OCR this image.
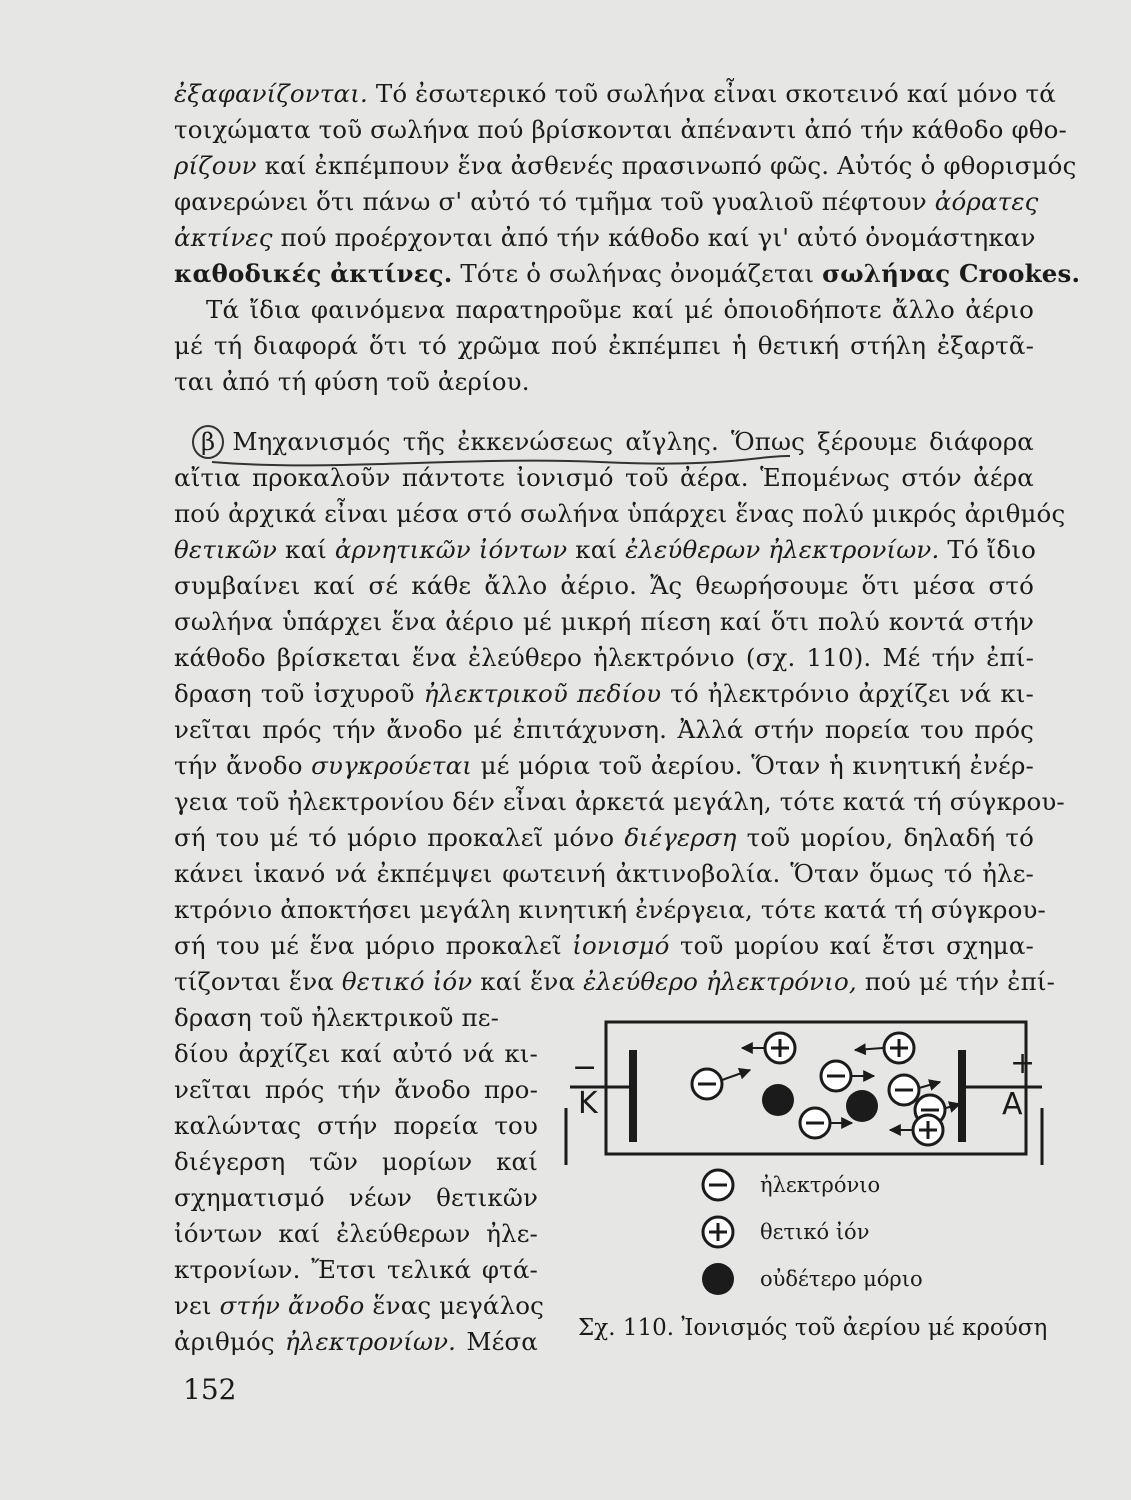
ἐξαφανίζονται. Τό ἐσωτερικό τοῦ σωλήνα εἶναι σκοτεινό καί μόνο τά
τοιχώματα τοῦ σωλήνα πού βρίσκονται ἀπέναντι ἀπό τήν κάθοδο φθο-
ρίζουν καί ἐκπέμπουν ἕνα ἀσθενές πρασινωπό φῶς. Αὐτός ὁ φθορισμός
φανερώνει ὅτι πάνω σ' αὐτό τό τμῆμα τοῦ γυαλιοῦ πέφτουν ἀόρατες
ἀκτίνες πού προέρχονται ἀπό τήν κάθοδο καί γι' αὐτό ὀνομάστηκαν
καθοδικές ἀκτίνες. Τότε ὁ σωλήνας ὀνομάζεται σωλήνας Crookes.
Τά ἴδια φαινόμενα παρατηροῦμε καί μέ ὁποιοδήποτε ἄλλο ἀέριο
μέ τή διαφορά ὅτι τό χρῶμα πού ἐκπέμπει ἡ θετική στήλη ἐξαρτᾶ-
ται ἀπό τή φύση τοῦ ἀερίου.
β Μηχανισμός τῆς ἐκκενώσεως αἴγλης. Ὅπως ξέρουμε διάφορα
αἴτια προκαλοῦν πάντοτε ἰονισμό τοῦ ἀέρα. Ἑπομένως στόν ἀέρα
πού ἀρχικά εἶναι μέσα στό σωλήνα ὑπάρχει ἕνας πολύ μικρός ἀριθμός
θετικῶν καί ἀρνητικῶν ἰόντων καί ἐλεύθερων ἠλεκτρονίων. Τό ἴδιο
συμβαίνει καί σέ κάθε ἄλλο ἀέριο. Ἄς θεωρήσουμε ὅτι μέσα στό
σωλήνα ὑπάρχει ἕνα ἀέριο μέ μικρή πίεση καί ὅτι πολύ κοντά στήν
κάθοδο βρίσκεται ἕνα ἐλεύθερο ἠλεκτρόνιο (σχ. 110). Μέ τήν ἐπί-
δραση τοῦ ἰσχυροῦ ἠλεκτρικοῦ πεδίου τό ἠλεκτρόνιο ἀρχίζει νά κι-
νεῖται πρός τήν ἄνοδο μέ ἐπιτάχυνση. Ἀλλά στήν πορεία του πρός
τήν ἄνοδο συγκρούεται μέ μόρια τοῦ ἀερίου. Ὅταν ἡ κινητική ἐνέρ-
γεια τοῦ ἠλεκτρονίου δέν εἶναι ἀρκετά μεγάλη, τότε κατά τή σύγκρου-
σή του μέ τό μόριο προκαλεῖ μόνο διέγερση τοῦ μορίου, δηλαδή τό
κάνει ἱκανό νά ἐκπέμψει φωτεινή ἀκτινοβολία. Ὅταν ὅμως τό ἠλε-
κτρόνιο ἀποκτήσει μεγάλη κινητική ἐνέργεια, τότε κατά τή σύγκρου-
σή του μέ ἕνα μόριο προκαλεῖ ἰονισμό τοῦ μορίου καί ἔτσι σχημα-
τίζονται ἕνα θετικό ἰόν καί ἕνα ἐλεύθερο ἠλεκτρόνιο, πού μέ τήν ἐπί-
δραση τοῦ ἠλεκτρικοῦ πε-
δίου ἀρχίζει καί αὐτό νά κι-
νεῖται πρός τήν ἄνοδο προ-
καλώντας στήν πορεία του
διέγερση τῶν μορίων καί
σχηματισμό νέων θετικῶν
ἰόντων καί ἐλεύθερων ἠλε-
κτρονίων. Ἔτσι τελικά φτά-
νει στήν ἄνοδο ἕνας μεγάλος
ἀριθμός ἠλεκτρονίων. Μέσα
K	A
−	+
ἠλεκτρόνιο
θετικό ἰόν
οὐδέτερο μόριο
Σχ. 110. Ἰονισμός τοῦ ἀερίου μέ κρούση
152
